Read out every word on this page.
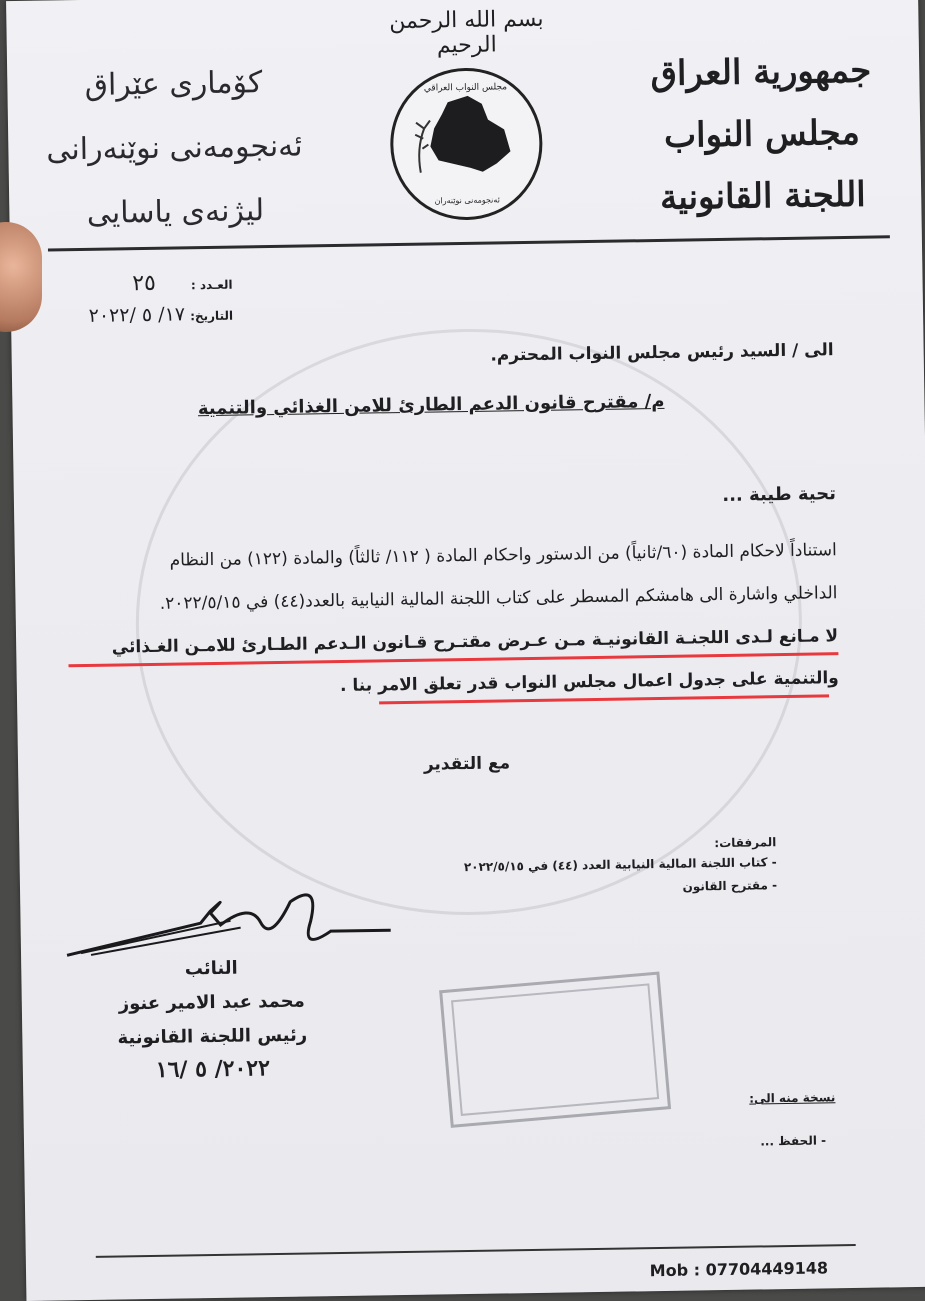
بسم الله الرحمن الرحيم
جمهورية العراق
مجلس النواب
اللجنة القانونية
کۆماری عێراق
ئەنجومەنی نوێنەرانی
لیژنەی یاسایی
مجلس النواب العراقي
ئەنجومەنی نوێنەران
العـدد : ٢٥
التاريخ: ١٧/ ٥ /٢٠٢٢
الى / السيد رئيس مجلس النواب المحترم.
م/ مقترح قانون الدعم الطارئ للامن الغذائي والتنمية
تحية طيبة ...
استناداً لاحكام المادة (٦٠/ثانياً) من الدستور واحكام المادة ( ١١٢/ ثالثاً) والمادة (١٢٢) من النظام
الداخلي واشارة الى هامشكم المسطر على كتاب اللجنة المالية النيابية بالعدد(٤٤) في ٢٠٢٢/٥/١٥.
لا مـانع لـدى اللجنـة القانونيـة مـن عـرض مقتـرح قـانون الـدعم الطـارئ للامـن الغـذائي
والتنمية على جدول اعمال مجلس النواب قدر تعلق الامر بنا .
مع التقدير
المرفقات:
- كتاب اللجنة المالية النيابية العدد (٤٤) في ٢٠٢٢/٥/١٥
- مقترح القانون
النائب
محمد عبد الامير عنوز
رئيس اللجنة القانونية
٢٠٢٢/ ٥ /١٦
نسخة منه الى:
- الحفظ ...
Mob : 07704449148
